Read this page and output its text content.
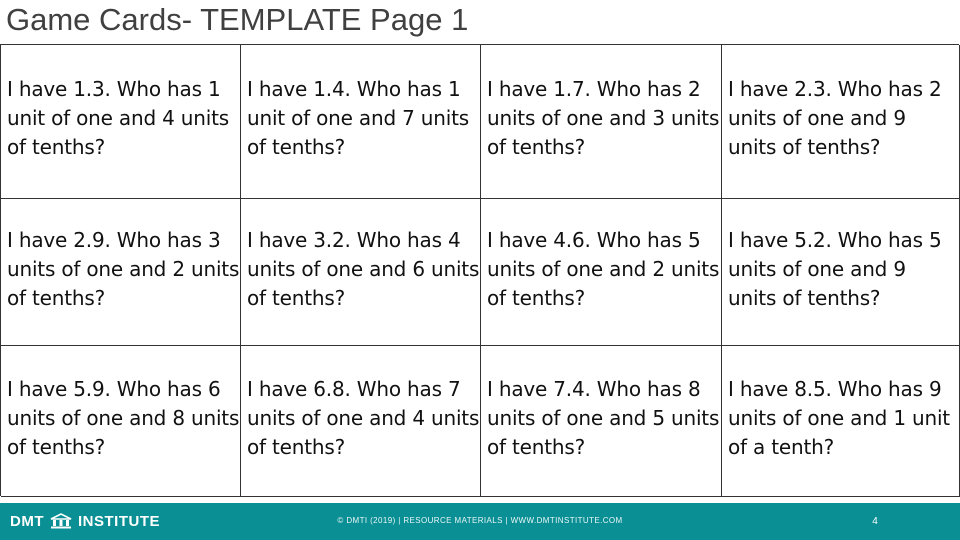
Game Cards- TEMPLATE Page 1
I have 1.3. Who has 1 unit of one and 4 units of tenths?
I have 1.4. Who has 1 unit of one and 7 units of tenths?
I have 1.7. Who has 2 units of one and 3 units of tenths?
I have 2.3. Who has 2 units of one and 9 units of tenths?
I have 2.9. Who has 3 units of one and 2 units of tenths?
I have 3.2. Who has 4 units of one and 6 units of tenths?
I have 4.6. Who has 5 units of one and 2 units of tenths?
I have 5.2. Who has 5 units of one and 9 units of tenths?
I have 5.9. Who has 6 units of one and 8 units of tenths?
I have 6.8. Who has 7 units of one and 4 units of tenths?
I have 7.4. Who has 8 units of one and 5 units of tenths?
I have 8.5. Who has 9 units of one and 1 unit of a tenth?
DMT INSTITUTE	© DMTI (2019) | RESOURCE MATERIALS | WWW.DMTINSTITUTE.COM	4
